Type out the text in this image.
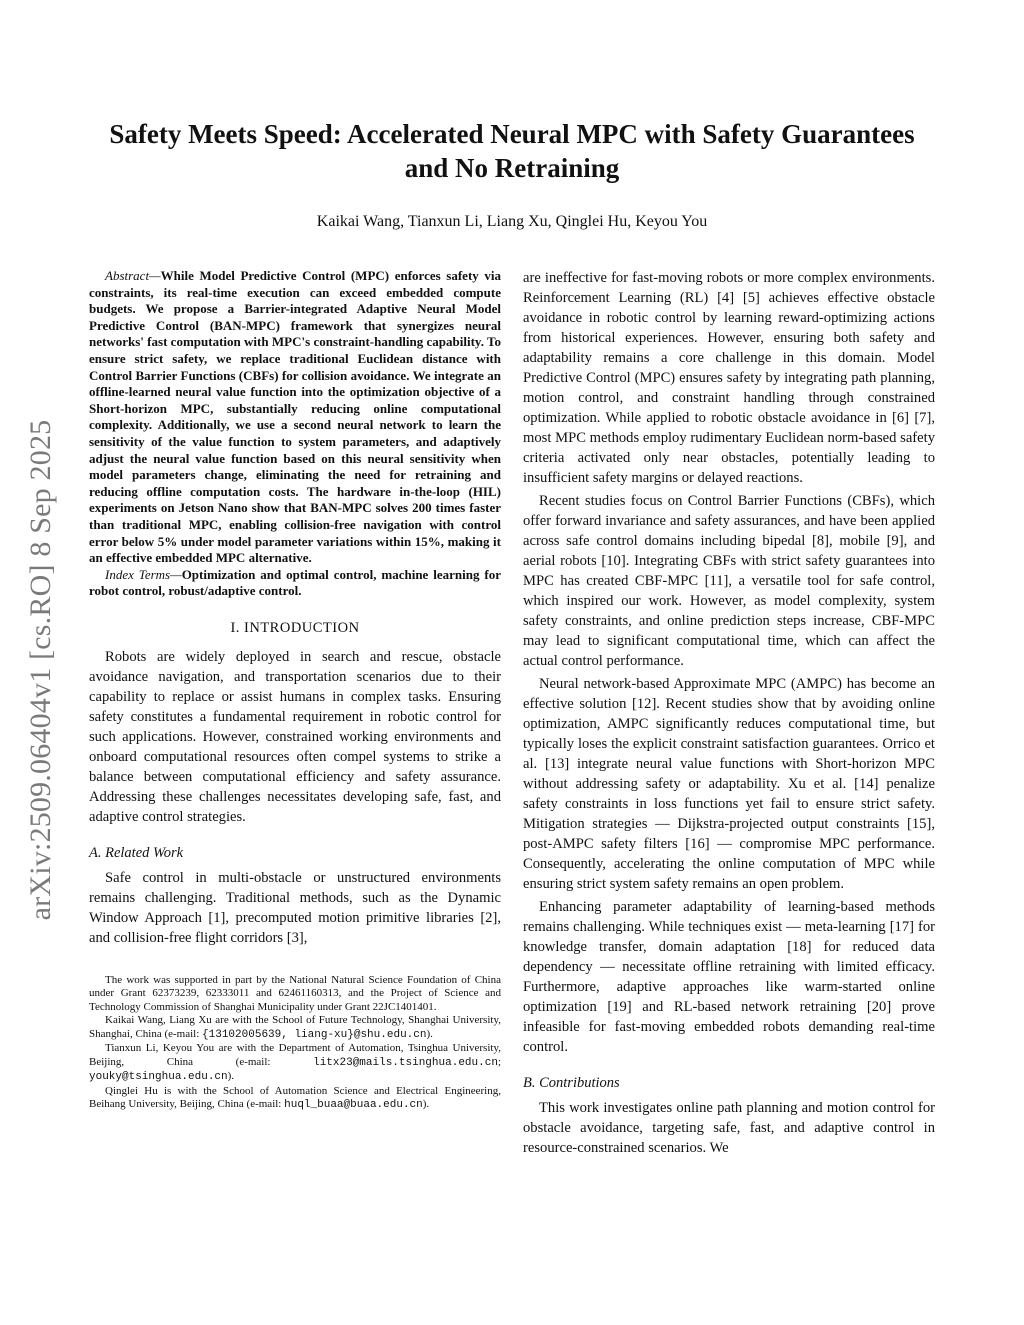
arXiv:2509.06404v1 [cs.RO] 8 Sep 2025
Safety Meets Speed: Accelerated Neural MPC with Safety Guarantees
and No Retraining
Kaikai Wang, Tianxun Li, Liang Xu, Qinglei Hu, Keyou You

Abstract—While Model Predictive Control (MPC) enforces safety via constraints, its real-time execution can exceed embedded compute budgets. We propose a Barrier-integrated Adaptive Neural Model Predictive Control (BAN-MPC) framework that synergizes neural networks' fast computation with MPC's constraint-handling capability. To ensure strict safety, we replace traditional Euclidean distance with Control Barrier Functions (CBFs) for collision avoidance. We integrate an offline-learned neural value function into the optimization objective of a Short-horizon MPC, substantially reducing online computational complexity. Additionally, we use a second neural network to learn the sensitivity of the value function to system parameters, and adaptively adjust the neural value function based on this neural sensitivity when model parameters change, eliminating the need for retraining and reducing offline computation costs. The hardware in-the-loop (HIL) experiments on Jetson Nano show that BAN-MPC solves 200 times faster than traditional MPC, enabling collision-free navigation with control error below 5% under model parameter variations within 15%, making it an effective embedded MPC alternative.

Index Terms—Optimization and optimal control, machine learning for robot control, robust/adaptive control.

I. INTRODUCTION

Robots are widely deployed in search and rescue, obstacle avoidance navigation, and transportation scenarios due to their capability to replace or assist humans in complex tasks. Ensuring safety constitutes a fundamental requirement in robotic control for such applications. However, constrained working environments and onboard computational resources often compel systems to strike a balance between computational efficiency and safety assurance. Addressing these challenges necessitates developing safe, fast, and adaptive control strategies.

A. Related Work

Safe control in multi-obstacle or unstructured environments remains challenging. Traditional methods, such as the Dynamic Window Approach [1], precomputed motion primitive libraries [2], and collision-free flight corridors [3],

The work was supported in part by the National Natural Science Foundation of China under Grant 62373239, 62333011 and 62461160313, and the Project of Science and Technology Commission of Shanghai Municipality under Grant 22JC1401401.

Kaikai Wang, Liang Xu are with the School of Future Technology, Shanghai University, Shanghai, China (e-mail: {13102005639, liang-xu}@shu.edu.cn).

Tianxun Li, Keyou You are with the Department of Automation, Tsinghua University, Beijing, China (e-mail:	litx23@mails.tsinghua.edu.cn; youky@tsinghua.edu.cn).

Qinglei Hu is with the School of Automation Science and Electrical Engineering, Beihang University, Beijing, China (e-mail: huql_buaa@buaa.edu.cn).

are ineffective for fast-moving robots or more complex environments. Reinforcement Learning (RL) [4] [5] achieves effective obstacle avoidance in robotic control by learning reward-optimizing actions from historical experiences. However, ensuring both safety and adaptability remains a core challenge in this domain. Model Predictive Control (MPC) ensures safety by integrating path planning, motion control, and constraint handling through constrained optimization. While applied to robotic obstacle avoidance in [6] [7], most MPC methods employ rudimentary Euclidean norm-based safety criteria activated only near obstacles, potentially leading to insufficient safety margins or delayed reactions.

Recent studies focus on Control Barrier Functions (CBFs), which offer forward invariance and safety assurances, and have been applied across safe control domains including bipedal [8], mobile [9], and aerial robots [10]. Integrating CBFs with strict safety guarantees into MPC has created CBF-MPC [11], a versatile tool for safe control, which inspired our work. However, as model complexity, system safety constraints, and online prediction steps increase, CBF-MPC may lead to significant computational time, which can affect the actual control performance.

Neural network-based Approximate MPC (AMPC) has become an effective solution [12]. Recent studies show that by avoiding online optimization, AMPC significantly reduces computational time, but typically loses the explicit constraint satisfaction guarantees. Orrico et al. [13] integrate neural value functions with Short-horizon MPC without addressing safety or adaptability. Xu et al. [14] penalize safety constraints in loss functions yet fail to ensure strict safety. Mitigation strategies — Dijkstra-projected output constraints [15], post-AMPC safety filters [16] — compromise MPC performance. Consequently, accelerating the online computation of MPC while ensuring strict system safety remains an open problem.

Enhancing parameter adaptability of learning-based methods remains challenging. While techniques exist — meta-learning [17] for knowledge transfer, domain adaptation [18] for reduced data dependency — necessitate offline retraining with limited efficacy. Furthermore, adaptive approaches like warm-started online optimization [19] and RL-based network retraining [20] prove infeasible for fast-moving embedded robots demanding real-time control.

B. Contributions

This work investigates online path planning and motion control for obstacle avoidance, targeting safe, fast, and adaptive control in resource-constrained scenarios. We
